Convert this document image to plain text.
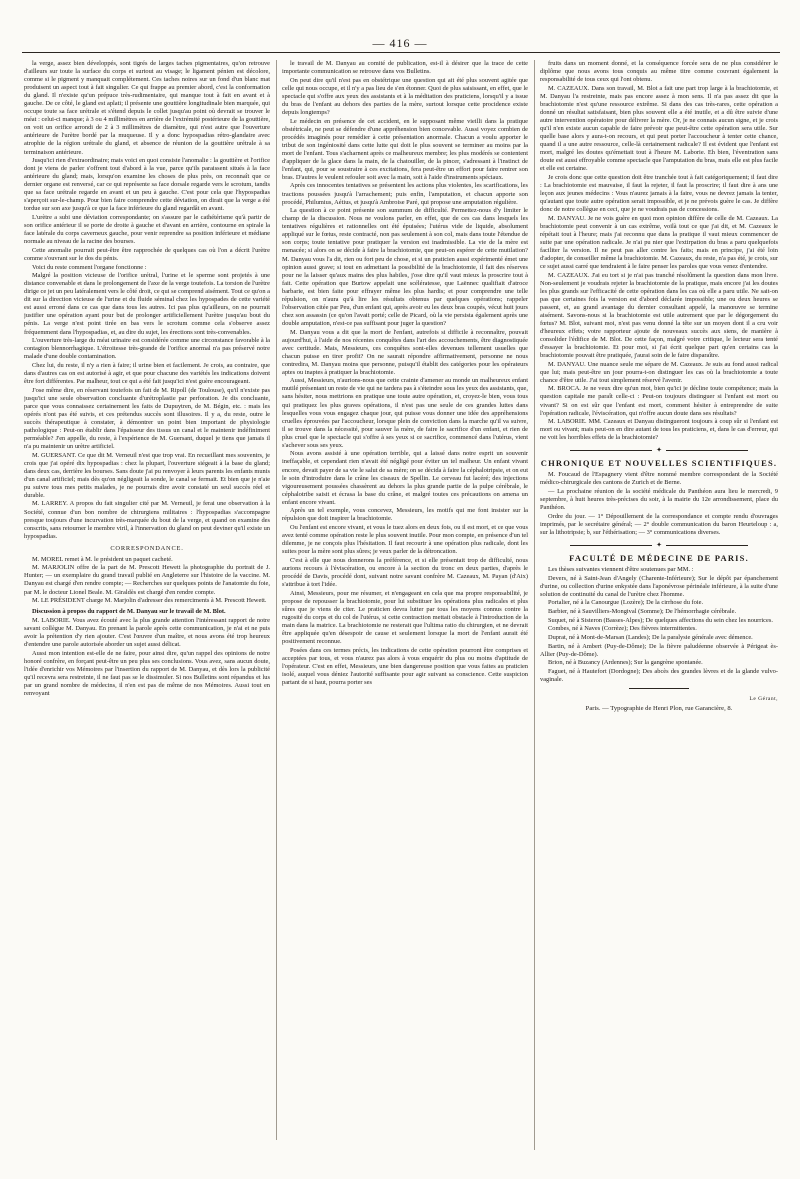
— 416 —

la verge, assez bien développés, sont tigrés de larges taches pigmentaires, qu'on retrouve d'ailleurs sur toute la surface du corps et surtout au visage; le ligament pénien est décolore, comme si le pigment y manquait complétement. Ces taches noires sur un fond d'un blanc mat produisent un aspect tout à fait singulier. Ce qui frappe au premier abord, c'est la conformation du gland. Il n'existe qu'un prépuce très-rudimentaire, qui manque tout à fait en avant et à gauche. De ce côté, le gland est aplati; il présente une gouttière longitudinale bien marquée, qui occupe toute sa face urétrale et s'étend depuis le collet jusqu'au point où devrait se trouver le méat : celui-ci manque; à 3 ou 4 millimètres en arrière de l'extrémité postérieure de la gouttière, on voit un orifice arrondi de 2 à 3 millimètres de diamètre, qui n'est autre que l'ouverture antérieure de l'urètre bordé par la muqueuse. Il y a donc hypospadias rétro-glandaire avec atrophie de la région urétrale du gland, et absence de réunion de la gouttière urétrale à sa terminaison antérieure.

Jusqu'ici rien d'extraordinaire; mais voici en quoi consiste l'anomalie : la gouttière et l'orifice dont je viens de parler s'offrent tout d'abord à la vue, parce qu'ils paraissent situés à la face antérieure du gland; mais, lorsqu'on examine les choses de plus près, on reconnaît que ce dernier organe est renversé, car ce qui représente sa face dorsale regarde vers le scrotum, tandis que sa face urétrale regarde en avant et un peu à gauche. C'est pour cela que l'hypospadias s'aperçoit sur-le-champ. Pour bien faire comprendre cette déviation, on dirait que la verge a été tordue sur son axe jusqu'à ce que la face inférieure du gland regardât en avant.

L'urètre a subi une déviation correspondante; on s'assure par le cathétérisme qu'à partir de son orifice antérieur il se porte de droite à gauche et d'avant en arrière, contourne en spirale la face latérale du corps caverneux gauche, pour venir reprendre sa position inférieure et médiane normale au niveau de la racine des bourses.

Cette anomalie pourrait peut-être être rapprochée de quelques cas où l'on a décrit l'urètre comme s'ouvrant sur le dos du pénis.

Voici du reste comment l'organe fonctionne :

Malgré la position vicieuse de l'orifice urétral, l'urine et le sperme sont projetés à une distance convenable et dans le prolongement de l'axe de la verge toutefois. La torsion de l'urètre dirige ce jet un peu latéralement vers le côté droit, ce qui se comprend aisément. Tout ce qu'on a dit sur la direction vicieuse de l'urine et du fluide séminal chez les hypospades de cette variété est aussi erroné dans ce cas que dans tous les autres. Ici pas plus qu'ailleurs, on ne pourrait justifier une opération ayant pour but de prolonger artificiellement l'urètre jusqu'au bout du pénis. La verge n'est point tirée en bas vers le scrotum comme cela s'observe assez fréquemment dans l'hypospadias, et, au dire du sujet, les érections sont très-convenables.

L'ouverture très-large du méat urinaire est considérée comme une circonstance favorable à la contagion blennorrhagique. L'étroitesse très-grande de l'orifice anormal n'a pas préservé notre malade d'une double contamination.

Chez lui, du reste, il n'y a rien à faire; il urine bien et facilement. Je crois, au contraire, que dans d'autres cas on est autorisé à agir, et que pour chacune des variétés les indications doivent être fort différentes. Par malheur, tout ce qui a été fait jusqu'ici n'est guère encourageant.

J'ose même dire, en réservant toutefois un fait de M. Ripoll (de Toulouse), qu'il n'existe pas jusqu'ici une seule observation concluante d'urétroplastie par perforation. Je dis concluante, parce que vous connaissez certainement les faits de Dupuytren, de M. Bégin, etc. : mais les opérés n'ont pas été suivis, et ces prétendus succès sont illusoires. Il y a, du reste, outre le succès thérapeutique à constater, à démontrer un point bien important de physiologie pathologique : Peut-on établir dans l'épaisseur des tissus un canal et le maintenir indéfiniment perméable? J'en appelle, du reste, à l'expérience de M. Guersant, duquel je tiens que jamais il n'a pu maintenir un urètre artificiel.

M. GUERSANT. Ce que dit M. Verneuil n'est que trop vrai. En recueillant mes souvenirs, je crois que j'ai opéré dix hypospadias : chez la plupart, l'ouverture siégeait à la base du gland; dans deux cas, derrière les bourses. Sans doute j'ai pu renvoyer à leurs parents les enfants munis d'un canal artificiel; mais dès qu'on négligeait la sonde, le canal se fermait. Et bien que je n'aie pu suivre tous mes petits malades, je ne pourrais dire avoir constaté un seul succès réel et durable.

M. LARREY. A propos du fait singulier cité par M. Verneuil, je ferai une observation à la Société, connue d'un bon nombre de chirurgiens militaires : l'hypospadias s'accompagne presque toujours d'une incurvation très-marquée du bout de la verge, et quand on examine des conscrits, sans retourner le membre viril, à l'innervation du gland on peut deviner qu'il existe un hypospadias.

CORRESPONDANCE.

M. MOREL remet à M. le président un paquet cacheté.

M. MARJOLIN offre de la part de M. Prescott Hewett la photographie du portrait de J. Hunter; — un exemplaire du grand travail publié en Angleterre sur l'histoire de la vaccine. M. Danyau est chargé d'en rendre compte; — Recherches sur quelques points de l'anatomie du foie, par M. le docteur Lionel Beale. M. Giraldès est chargé d'en rendre compte.

M. LE PRÉSIDENT charge M. Marjolin d'adresser des remerciments à M. Prescott Hewett.

Discussion à propos du rapport de M. Danyau sur le travail de M. Blot.

M. LABORIE. Vous avez écouté avec la plus grande attention l'intéressant rapport de notre savant collègue M. Danyau. En prenant la parole après cette communication, je n'ai et ne puis avoir la prétention d'y rien ajouter. C'est l'œuvre d'un maître, et nous avons été trop heureux d'entendre une parole autorisée aborder un sujet aussi délicat.

Aussi mon intention est-elle de ne faire, pour ainsi dire, qu'un rappel des opinions de notre honoré confrère, en forçant peut-être un peu plus ses conclusions. Vous avez, sans aucun doute, l'idée d'enrichir vos Mémoires par l'insertion du rapport de M. Danyau, et dès lors la publicité qu'il recevra sera restreinte, il ne faut pas se le dissimuler. Si nos Bulletins sont répandus et lus par un grand nombre de médecins, il n'en est pas de même de nos Mémoires. Aussi tout en renvoyant

le travail de M. Danyau au comité de publication, est-il à désirer que la trace de cette importante communication se retrouve dans vos Bulletins.

On peut dire qu'il n'est pas en obstétrique une question qui ait été plus souvent agitée que celle qui nous occupe, et il n'y a pas lieu de s'en étonner. Quoi de plus saisissant, en effet, que le spectacle qui s'offre aux yeux des assistants et à la méditation des praticiens, lorsqu'il y a issue du bras de l'enfant au dehors des parties de la mère, surtout lorsque cette procidence existe depuis longtemps?

Le médecin en présence de cet accident, en le supposant même vieilli dans la pratique obstétricale, ne peut se défendre d'une appréhension bien concevable. Aussi voyez combien de procédés imaginés pour remédier à cette présentation anormale. Chacun a voulu apporter le tribut de son ingéniosité dans cette lutte qui doit le plus souvent se terminer au moins par la mort de l'enfant. Tous s'acharnent après ce malheureux membre; les plus modérés se contentent d'appliquer de la glace dans la main, de la chatouiller, de la pincer, s'adressant à l'instinct de l'enfant, qui, pour se soustraire à ces excitations, fera peut-être un effort pour faire rentrer son bras. D'autres le veulent refouler soit avec la main, soit à l'aide d'instruments spéciaux.

Après ces innocentes tentatives se présentent les actions plus violentes, les scarifications, les tractions poussées jusqu'à l'arrachement; puis enfin, l'amputation, et chacun apporte son procédé, Philumius, Aétius, et jusqu'à Ambroise Paré, qui propose une amputation régulière.

La question à ce point présente son summum de difficulté. Permettez-nous d'y limiter le champ de la discussion. Nous ne voulons parler, en effet, que de ces cas dans lesquels les tentatives régulières et rationnelles ont été épuisées; l'utérus vide de liquide, absolument appliqué sur le fœtus, reste contracté, non pas seulement à son col, mais dans toute l'étendue de son corps; toute tentative pour pratiquer la version est inadmissible. La vie de la mère est menacée; si alors on se décide à faire la brachiotomie, que peut-on espérer de cette mutilation? M. Danyau vous l'a dit, rien ou fort peu de chose, et si un praticien aussi expérimenté émet une opinion aussi grave; si tout en admettant la possibilité de la brachiotomie, il fait des réserves pour ne la laisser qu'aux mains des plus habiles, j'ose dire qu'il vaut mieux la proscrire tout à fait. Cette opération que Burtow appelait une scélératesse, que Laënnec qualifiait d'atroce barbarie, est bien faite pour effrayer même les plus hardis; et pour comprendre une telle répulsion, on n'aura qu'à lire les résultats obtenus par quelques opérations; rappeler l'observation citée par Peu, d'un enfant qui, après avoir eu les deux bras coupés, vécut huit jours chez son assassin (ce qu'on l'avait porté; celle de Picard, où la vie persista également après une double amputation, n'est-ce pas suffisant pour juger la question?

M. Danyau vous a dit que la mort de l'enfant, autrefois si difficile à reconnaître, pouvait aujourd'hui, à l'aide de nos récentes conquêtes dans l'art des accouchements, être diagnostiquée avec certitude. Mais, Messieurs, ces conquêtes sont-elles devenues tellement usuelles que chacun puisse en tirer profit? On ne saurait répondre affirmativement, personne ne nous contredira, M. Danyau moins que personne, puisqu'il établit des catégories pour les opérateurs aptes ou inaptes à pratiquer la brachiotomie.

Aussi, Messieurs, n'aurions-nous que cette crainte d'amener au monde un malheureux enfant mutilé présentant un reste de vie qui ne tardera pas à s'éteindre sous les yeux des assistants, que, sans hésiter, nous mettrions en pratique une toute autre opération, et, croyez-le bien, vous tous qui pratiquez les plus graves opérations, il n'est pas une seule de ces grandes luttes dans lesquelles vous vous engagez chaque jour, qui puisse vous donner une idée des appréhensions cruelles éprouvées par l'accoucheur, lorsque plein de conviction dans la marche qu'il va suivre, il se trouve dans la nécessité, pour sauver la mère, de faire le sacrifice d'un enfant, et rien de plus cruel que le spectacle qui s'offre à ses yeux si ce sacrifice, commencé dans l'utérus, vient s'achever sous ses yeux.

Nous avons assisté à une opération terrible, qui a laissé dans notre esprit un souvenir ineffaçable, et cependant rien n'avait été négligé pour éviter un tel malheur. Un enfant vivant encore, devait payer de sa vie le salut de sa mère; on se décida à faire la céphalotripsie, et on eut le soin d'introduire dans le crâne les ciseaux de Spellin. Le cerveau fut lacéré; des injections vigoureusement poussées chassèrent au dehors la plus grande partie de la pulpe cérébrale, le céphalotribe saisit et écrasa la base du crâne, et malgré toutes ces précautions on amena un enfant encore vivant.

Après un tel exemple, vous concevez, Messieurs, les motifs qui me font insister sur la répulsion que doit inspirer la brachiotomie.

Ou l'enfant est encore vivant, et vous le tuez alors en deux fois, ou il est mort, et ce que vous avez tenté comme opération reste le plus souvent inutile. Pour mon compte, en présence d'un tel dilemme, je ne conçois plus l'hésitation. Il faut recourir à une opération plus radicale, dont les suites pour la mère sont plus sûres; je veux parler de la détroncation.

C'est à elle que nous donnerons la préférence, et si elle présentait trop de difficulté, nous aurions recours à l'éviscération, ou encore à la section du tronc en deux parties, d'après le procédé de Davis, procédé dont, suivant notre savant confrère M. Cazeaux, M. Payan (d'Aix) s'attribue à tort l'idée.

Ainsi, Messieurs, pour me résumer, et n'engageant en cela que ma propre responsabilité, je propose de repousser la brachiotomie, pour lui substituer les opérations plus radicales et plus sûres que je viens de citer. Le praticien devra lutter par tous les moyens connus contre la rugosité du corps et du col de l'utérus, si cette contraction mettait obstacle à l'introduction de la main dans la matrice. La brachiotomie ne resterait que l'ultima ratio du chirurgien, et ne devrait être appliquée qu'en désespoir de cause et seulement lorsque la mort de l'enfant aurait été positivement reconnue.

Posées dans ces termes précis, les indications de cette opération pourront être comprises et acceptées par tous, et vous n'aurez pas alors à vous enquérir du plus ou moins d'aptitude de l'opérateur. C'est en effet, Messieurs, une bien dangereuse position que vous faites au praticien isolé, auquel vous déniez l'autorité suffisante pour agir suivant sa conscience. Cette suspicion partant de si haut, pourra porter ses

fruits dans un moment donné, et la conséquence forcée sera de ne plus considérer le diplôme que nous avons tous conquis au même titre comme couvrant également la responsabilité de tous ceux qui l'ont obtenu.

M. CAZEAUX. Dans son travail, M. Blot a fait une part trop large à la brachiotomie, et M. Danyau l'a restreinte, mais pas encore assez à mon sens. Il n'a pas assez dit que la brachiotomie n'est qu'une ressource extrême. Si dans des cas très-rares, cette opération a donné un résultat satisfaisant, bien plus souvent elle a été inutile, et a dû être suivie d'une autre intervention opératoire pour délivrer la mère. Or, je ne connais aucun signe, et je crois qu'il n'en existe aucun capable de faire prévoir que peut-être cette opération sera utile. Sur quelle base alors y aura-t-on recours, et qui peut porter l'accoucheur à tenter cette chance, quand il a une autre ressource, celle-là certainement radicale? Il est évident que l'enfant est mort, malgré les doutes qu'émettait tout à l'heure M. Laborie. Eh bien, l'éventration sans doute est aussi effroyable comme spectacle que l'amputation du bras, mais elle est plus facile et elle est certaine.

Je crois donc que cette question doit être tranchée tout à fait catégoriquement; il faut dire : La brachiotomie est mauvaise, il faut la rejeter, il faut la proscrire; il faut dire à ans une leçon aux jeunes médecins : Vous n'aurez jamais à la faire, vous ne devrez jamais la tenter, qu'autant que toute autre opération serait impossible, et je ne prévois guère le cas. Je diffère donc de notre collègue en ceci, que je ne voudrais pas de concessions.

M. DANYAU. Je ne vois guère en quoi mon opinion diffère de celle de M. Cazeaux. La brachiotomie peut convenir à un cas extrême, voilà tout ce que j'ai dit, et M. Cazeaux le répétait tout à l'heure; mais j'ai reconnu que dans la pratique il vaut mieux commencer de suite par une opération radicale. Je n'ai pu nier que l'extirpation du bras a paru quelquefois faciliter la version. Il ne peut pas aller contre les faits; mais en principe, j'ai été loin d'adopter, de conseiller même la brachiotomie. M. Cazeaux, du reste, n'a pas été, je crois, sur ce sujet aussi carré que tendraient à le faire penser les paroles que vous venez d'entendre.

M. CAZEAUX. J'ai eu tort si je n'ai pas tranché résolûment la question dans mon livre. Non-seulement je voudrais rejeter la brachiotomie de la pratique, mais encore j'ai les doutes les plus grands sur l'efficacité de cette opération dans les cas où elle a paru utile. Ne sait-on pas que certaines fois la version est d'abord déclarée impossible; une ou deux heures se passent, et, au grand avantage du dernier consultant appelé, la manœuvre se termine aisément. Savons-nous si la brachiotomie est utile autrement que par le dégorgement du fœtus? M. Blot, suivant moi, n'est pas venu donné la tête sur un moyen dont il a cru voir d'heureux effets; votre rapporteur ajoute de nouveaux succès aux siens, de manière à consolider l'édifice de M. Blot. De cette façon, malgré votre critique, le lecteur sera tenté d'essayer la brachiotomie. Et pour moi, si j'ai écrit quelque part qu'en certains cas la brachiotomie pouvait être pratiquée, j'aurai soin de le faire disparaître.

M. DANYAU. Une nuance seule me sépare de M. Cazeaux. Je suis au fond aussi radical que lui; mais peut-être un jour pourra-t-on distinguer les cas où la brachiotomie a toute chance d'être utile. J'ai tout simplement réservé l'avenir.

M. BROCA. Je ne veux dire qu'un mot, bien qu'ici je décline toute compétence; mais la question capitale me paraît celle-ci : Peut-on toujours distinguer si l'enfant est mort ou vivant? Si on est sûr que l'enfant est mort, comment hésiter à entreprendre de suite l'opération radicale, l'éviscération, qui n'offre aucun doute dans ses résultats?

M. LABORIE. MM. Cazeaux et Danyau distingueront toujours à coup sûr si l'enfant est mort ou vivant; mais peut-on en dire autant de tous les praticiens, et, dans le cas d'erreur, qui ne voit les horribles effets de la brachiotomie?

✦
CHRONIQUE ET NOUVELLES SCIENTIFIQUES.

M. Foucaud de l'Espagnery vient d'être nommé membre correspondant de la Société médico-chirurgicale des cantons de Zurich et de Berne.

— La prochaine réunion de la société médicale du Panthéon aura lieu le mercredi, 9 septembre, à huit heures très-précises du soir, à la mairie du 12e arrondissement, place du Panthéon.

Ordre du jour. — 1° Dépouillement de la correspondance et compte rendu d'ouvrages imprimés, par le secrétaire général; — 2° double communication du baron Heurteloup : a, sur la lithotripsie; b, sur l'éthérisation; — 3° communications diverses.

✦
FACULTÉ DE MÉDECINE DE PARIS.

Les thèses suivantes viennent d'être soutenues par MM. :

Devers, né à Saint-Jean d'Angely (Charente-Inférieure); Sur le dépôt par épanchement d'urine, ou collection d'urine enkystée dans l'aponévrose périnéale inférieure, à la suite d'une solution de continuité du canal de l'urètre chez l'homme.

Portalier, né à la Canourgue (Lozère); De la cirrhose du foie.

Barbier, né à Sauvilliers-Mongival (Somme); De l'hémorrhagie cérébrale.

Suquet, né à Sisteron (Basses-Alpes); De quelques affections du sein chez les nourrices.

Combes, né à Naves (Corrèze); Des fièvres intermittentes.

Duprat, né à Mont-de-Marsan (Landes); De la paralysie générale avec démence.

Bartin, né à Ambert (Puy-de-Dôme); De la fièvre paludéenne observée à Périgeat ès-Allier (Puy-de-Dôme).

Brion, né à Buzancy (Ardennes); Sur la gangrène spontanée.

Faguet, né à Hautefort (Dordogne); Des abcès des grandes lèvres et de la glande vulvo-vaginale.

Le Gérant,
Paris. — Typographie de Henri Plon, rue Garancière, 8.
